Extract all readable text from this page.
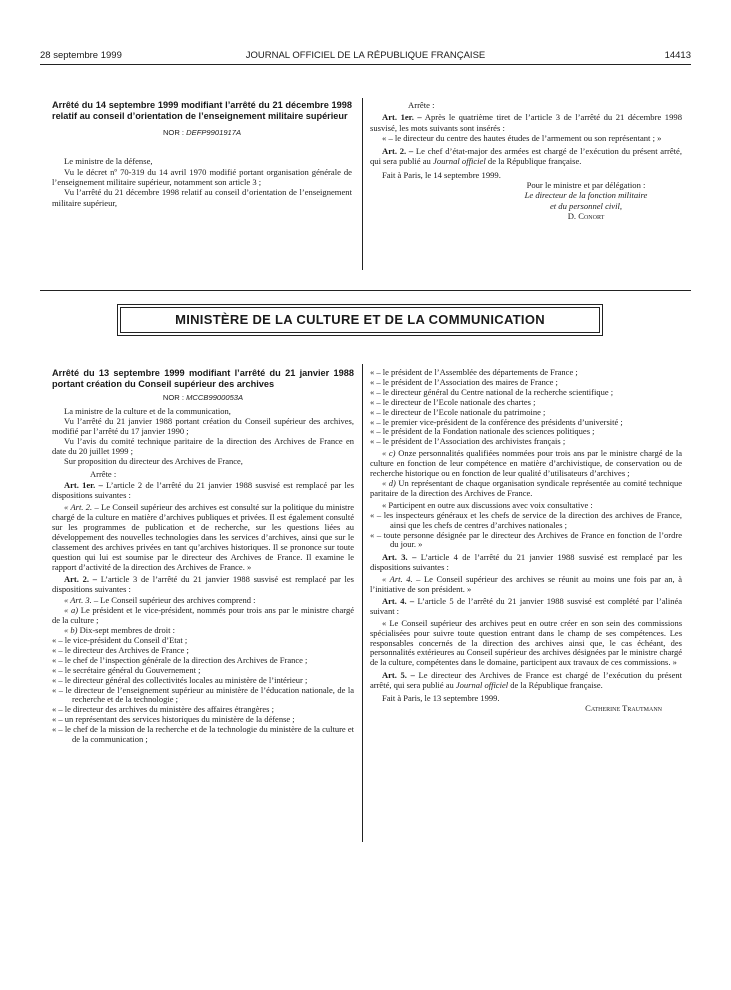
28 septembre 1999	JOURNAL OFFICIEL DE LA RÉPUBLIQUE FRANÇAISE	14413

Arrêté du 14 septembre 1999 modifiant l’arrêté du 21 décembre 1998 relatif au conseil d’orientation de l’enseignement militaire supérieur

NOR : DEFP9901917A

Le ministre de la défense,

Vu le décret nº 70-319 du 14 avril 1970 modifié portant organisation générale de l’enseignement militaire supérieur, notamment son article 3 ;

Vu l’arrêté du 21 décembre 1998 relatif au conseil d’orientation de l’enseignement militaire supérieur,

Arrête :

Art. 1er. – Après le quatrième tiret de l’article 3 de l’arrêté du 21 décembre 1998 susvisé, les mots suivants sont insérés :

« – le directeur du centre des hautes études de l’armement ou son représentant ; »

Art. 2. – Le chef d’état-major des armées est chargé de l’exécution du présent arrêté, qui sera publié au Journal officiel de la République française.

Fait à Paris, le 14 septembre 1999.

Pour le ministre et par délégation :

Le directeur de la fonction militaire

et du personnel civil,

D. Conort

MINISTÈRE DE LA CULTURE ET DE LA COMMUNICATION

Arrêté du 13 septembre 1999 modifiant l’arrêté du 21 janvier 1988 portant création du Conseil supérieur des archives

NOR : MCCB9900053A

La ministre de la culture et de la communication,

Vu l’arrêté du 21 janvier 1988 portant création du Conseil supérieur des archives, modifié par l’arrêté du 17 janvier 1990 ;

Vu l’avis du comité technique paritaire de la direction des Archives de France en date du 20 juillet 1999 ;

Sur proposition du directeur des Archives de France,

Arrête :

Art. 1er. – L’article 2 de l’arrêté du 21 janvier 1988 susvisé est remplacé par les dispositions suivantes :

« Art. 2. – Le Conseil supérieur des archives est consulté sur la politique du ministre chargé de la culture en matière d’archives publiques et privées. Il est également consulté sur les programmes de publication et de recherche, sur les questions liées au développement des nouvelles technologies dans les services d’archives, ainsi que sur le classement des archives privées en tant qu’archives historiques. Il se prononce sur toute question qui lui est soumise par le directeur des Archives de France. Il examine le rapport d’activité de la direction des Archives de France. »

Art. 2. – L’article 3 de l’arrêté du 21 janvier 1988 susvisé est remplacé par les dispositions suivantes :

« Art. 3. – Le Conseil supérieur des archives comprend :

« a) Le président et le vice-président, nommés pour trois ans par le ministre chargé de la culture ;

« b) Dix-sept membres de droit :

« – le vice-président du Conseil d’Etat ;

« – le directeur des Archives de France ;

« – le chef de l’inspection générale de la direction des Archives de France ;

« – le secrétaire général du Gouvernement ;

« – le directeur général des collectivités locales au ministère de l’intérieur ;

« – le directeur de l’enseignement supérieur au ministère de l’éducation nationale, de la recherche et de la technologie ;

« – le directeur des archives du ministère des affaires étrangères ;

« – un représentant des services historiques du ministère de la défense ;

« – le chef de la mission de la recherche et de la technologie du ministère de la culture et de la communication ;

« – le président de l’Assemblée des départements de France ;

« – le président de l’Association des maires de France ;

« – le directeur général du Centre national de la recherche scientifique ;

« – le directeur de l’Ecole nationale des chartes ;

« – le directeur de l’Ecole nationale du patrimoine ;

« – le premier vice-président de la conférence des présidents d’université ;

« – le président de la Fondation nationale des sciences politiques ;

« – le président de l’Association des archivistes français ;

« c) Onze personnalités qualifiées nommées pour trois ans par le ministre chargé de la culture en fonction de leur compétence en matière d’archivistique, de conservation ou de recherche historique ou en fonction de leur qualité d’utilisateurs d’archives ;

« d) Un représentant de chaque organisation syndicale représentée au comité technique paritaire de la direction des Archives de France.

« Participent en outre aux discussions avec voix consultative :

« – les inspecteurs généraux et les chefs de service de la direction des archives de France, ainsi que les chefs de centres d’archives nationales ;

« – toute personne désignée par le directeur des Archives de France en fonction de l’ordre du jour. »

Art. 3. – L’article 4 de l’arrêté du 21 janvier 1988 susvisé est remplacé par les dispositions suivantes :

« Art. 4. – Le Conseil supérieur des archives se réunit au moins une fois par an, à l’initiative de son président. »

Art. 4. – L’article 5 de l’arrêté du 21 janvier 1988 susvisé est complété par l’alinéa suivant :

« Le Conseil supérieur des archives peut en outre créer en son sein des commissions spécialisées pour suivre toute question entrant dans le champ de ses compétences. Les responsables concernés de la direction des archives ainsi que, le cas échéant, des personnalités extérieures au Conseil supérieur des archives désignées par le ministre chargé de la culture, compétentes dans le domaine, participent aux travaux de ces commissions. »

Art. 5. – Le directeur des Archives de France est chargé de l’exécution du présent arrêté, qui sera publié au Journal officiel de la République française.

Fait à Paris, le 13 septembre 1999.

Catherine Trautmann
